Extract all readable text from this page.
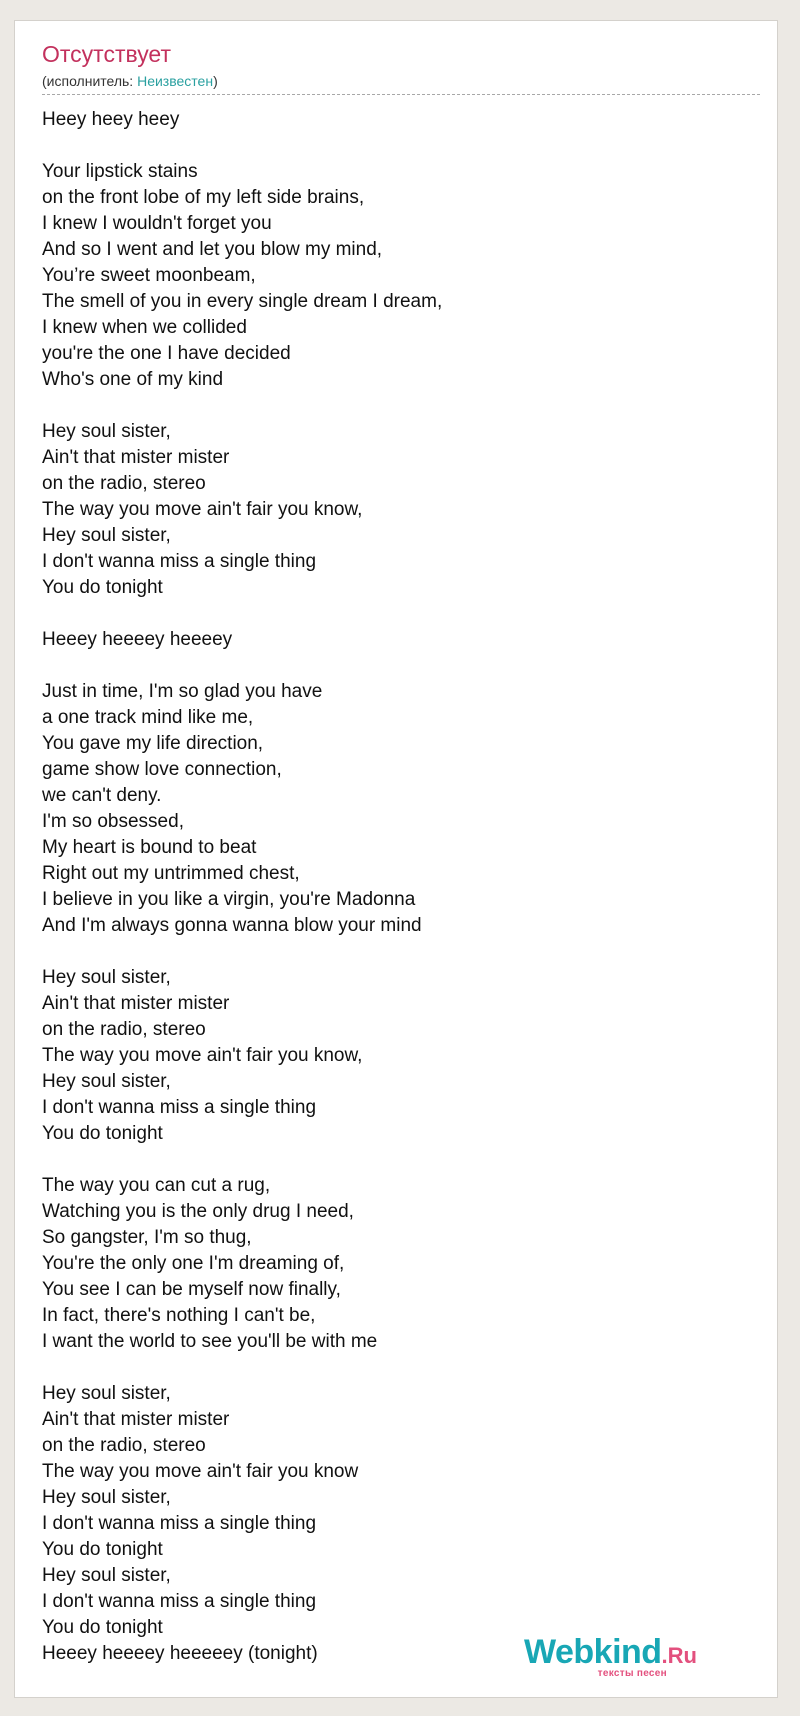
Отсутствует
(исполнитель: Неизвестен)
Heey heey heey

Your lipstick stains
on the front lobe of my left side brains,
I knew I wouldn't forget you
And so I went and let you blow my mind,
You’re sweet moonbeam,
The smell of you in every single dream I dream,
I knew when we collided
you're the one I have decided
Who's one of my kind

Hey soul sister,
Ain't that mister mister
on the radio, stereo
The way you move ain't fair you know,
Hey soul sister,
I don't wanna miss a single thing
You do tonight

Heeey heeeey heeeey

Just in time, I'm so glad you have
a one track mind like me,
You gave my life direction,
game show love connection,
we can't deny.
I'm so obsessed,
My heart is bound to beat
Right out my untrimmed chest,
I believe in you like a virgin, you're Madonna
And I'm always gonna wanna blow your mind

Hey soul sister,
Ain't that mister mister
on the radio, stereo
The way you move ain't fair you know,
Hey soul sister,
I don't wanna miss a single thing
You do tonight

The way you can cut a rug,
Watching you is the only drug I need,
So gangster, I'm so thug,
You're the only one I'm dreaming of,
You see I can be myself now finally,
In fact, there's nothing I can't be,
I want the world to see you'll be with me

Hey soul sister,
Ain't that mister mister
on the radio, stereo
The way you move ain't fair you know
Hey soul sister,
I don't wanna miss a single thing
You do tonight
Hey soul sister,
I don't wanna miss a single thing
You do tonight
Heeey heeeey heeeeey (tonight)	Webkind.Ru
тексты песен
